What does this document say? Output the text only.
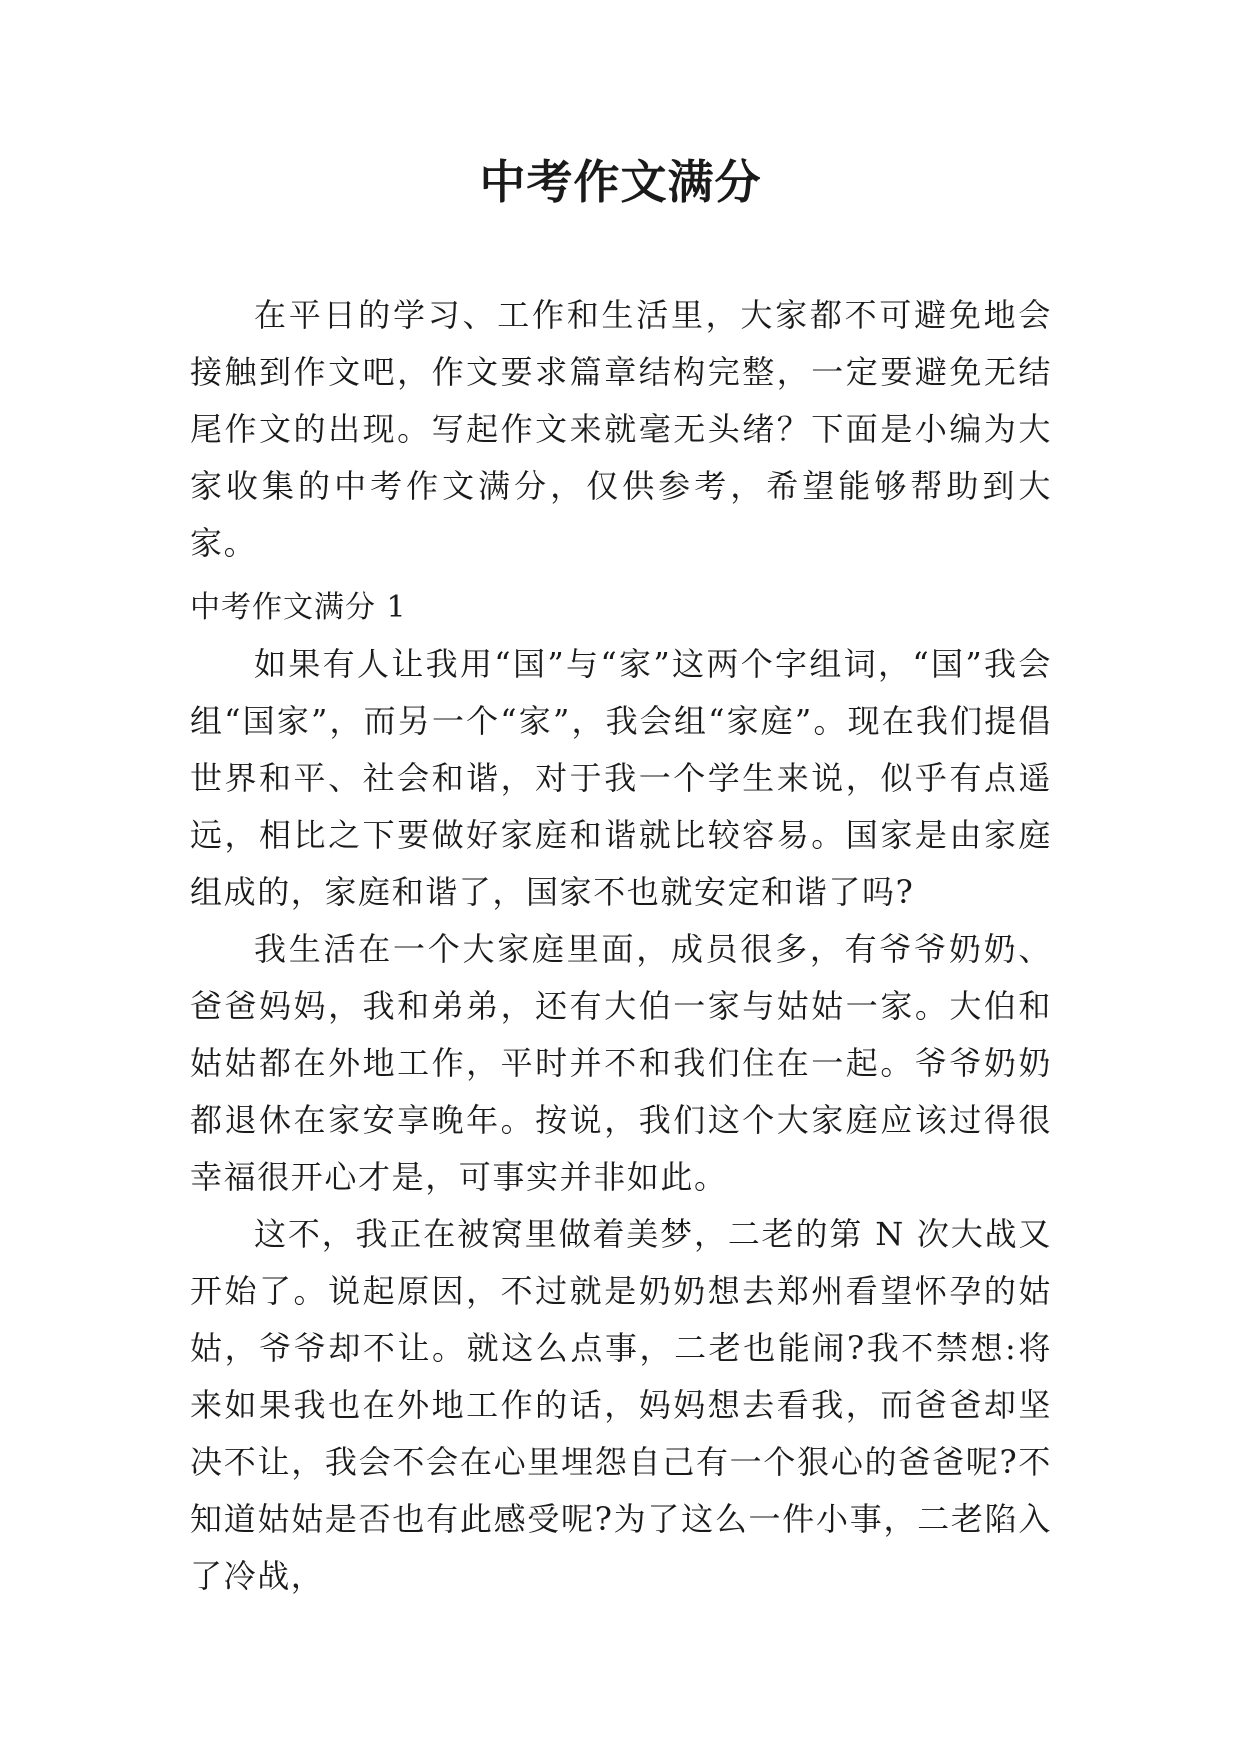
中考作文满分

在平日的学习、工作和生活里，大家都不可避免地会接触到作文吧，作文要求篇章结构完整，一定要避免无结尾作文的出现。写起作文来就毫无头绪？下面是小编为大家收集的中考作文满分，仅供参考，希望能够帮助到大家。

中考作文满分 1

如果有人让我用“国”与“家”这两个字组词，“国”我会组“国家”，而另一个“家”，我会组“家庭”。现在我们提倡世界和平、社会和谐，对于我一个学生来说，似乎有点遥远，相比之下要做好家庭和谐就比较容易。国家是由家庭组成的，家庭和谐了，国家不也就安定和谐了吗?

我生活在一个大家庭里面，成员很多，有爷爷奶奶、爸爸妈妈，我和弟弟，还有大伯一家与姑姑一家。大伯和姑姑都在外地工作，平时并不和我们住在一起。爷爷奶奶都退休在家安享晚年。按说，我们这个大家庭应该过得很幸福很开心才是，可事实并非如此。

这不，我正在被窝里做着美梦，二老的第 N 次大战又开始了。说起原因，不过就是奶奶想去郑州看望怀孕的姑姑，爷爷却不让。就这么点事，二老也能闹?我不禁想:将来如果我也在外地工作的话，妈妈想去看我，而爸爸却坚决不让，我会不会在心里埋怨自己有一个狠心的爸爸呢?不知道姑姑是否也有此感受呢?为了这么一件小事，二老陷入了冷战，
